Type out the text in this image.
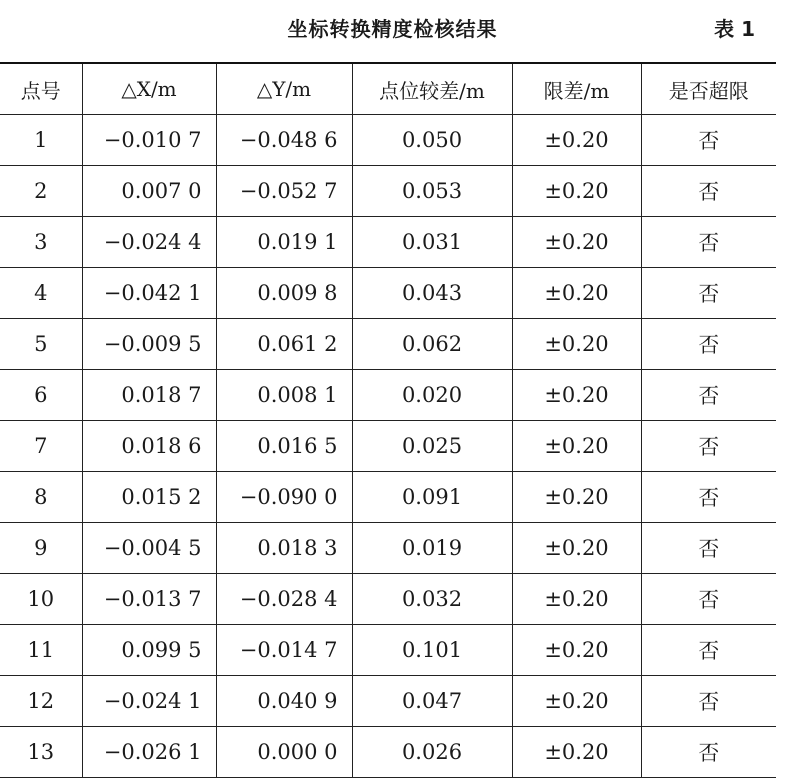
坐标转换精度检核结果	表 1
点号	△X/m	△Y/m	点位较差/m	限差/m	是否超限
1	−0.010 7	−0.048 6	0.050	±0.20	否
2	0.007 0	−0.052 7	0.053	±0.20	否
3	−0.024 4	0.019 1	0.031	±0.20	否
4	−0.042 1	0.009 8	0.043	±0.20	否
5	−0.009 5	0.061 2	0.062	±0.20	否
6	0.018 7	0.008 1	0.020	±0.20	否
7	0.018 6	0.016 5	0.025	±0.20	否
8	0.015 2	−0.090 0	0.091	±0.20	否
9	−0.004 5	0.018 3	0.019	±0.20	否
10	−0.013 7	−0.028 4	0.032	±0.20	否
11	0.099 5	−0.014 7	0.101	±0.20	否
12	−0.024 1	0.040 9	0.047	±0.20	否
13	−0.026 1	0.000 0	0.026	±0.20	否
